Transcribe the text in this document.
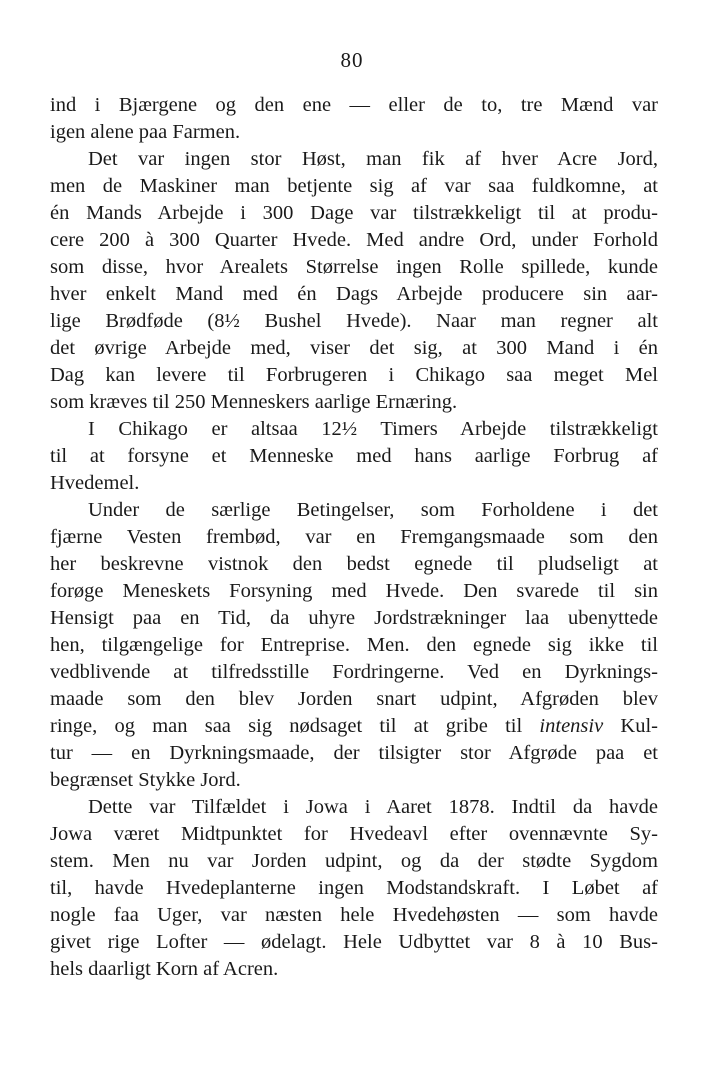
80
ind i Bjærgene og den ene — eller de to, tre Mænd var
igen alene paa Farmen.
Det var ingen stor Høst, man fik af hver Acre Jord,
men de Maskiner man betjente sig af var saa fuldkomne, at
én Mands Arbejde i 300 Dage var tilstrækkeligt til at produ-
cere 200 à 300 Quarter Hvede. Med andre Ord, under Forhold
som disse, hvor Arealets Størrelse ingen Rolle spillede, kunde
hver enkelt Mand med én Dags Arbejde producere sin aar-
lige Brødføde (8½ Bushel Hvede). Naar man regner alt
det øvrige Arbejde med, viser det sig, at 300 Mand i én
Dag kan levere til Forbrugeren i Chikago saa meget Mel
som kræves til 250 Menneskers aarlige Ernæring.
I Chikago er altsaa 12½ Timers Arbejde tilstrækkeligt
til at forsyne et Menneske med hans aarlige Forbrug af
Hvedemel.
Under de særlige Betingelser, som Forholdene i det
fjærne Vesten frembød, var en Fremgangsmaade som den
her beskrevne vistnok den bedst egnede til pludseligt at
forøge Meneskets Forsyning med Hvede. Den svarede til sin
Hensigt paa en Tid, da uhyre Jordstrækninger laa ubenyttede
hen, tilgængelige for Entreprise. Men. den egnede sig ikke til
vedblivende at tilfredsstille Fordringerne. Ved en Dyrknings-
maade som den blev Jorden snart udpint, Afgrøden blev
ringe, og man saa sig nødsaget til at gribe til intensiv Kul-
tur — en Dyrkningsmaade, der tilsigter stor Afgrøde paa et
begrænset Stykke Jord.
Dette var Tilfældet i Jowa i Aaret 1878. Indtil da havde
Jowa været Midtpunktet for Hvedeavl efter ovennævnte Sy-
stem. Men nu var Jorden udpint, og da der stødte Sygdom
til, havde Hvedeplanterne ingen Modstandskraft. I Løbet af
nogle faa Uger, var næsten hele Hvedehøsten — som havde
givet rige Lofter — ødelagt. Hele Udbyttet var 8 à 10 Bus-
hels daarligt Korn af Acren.
